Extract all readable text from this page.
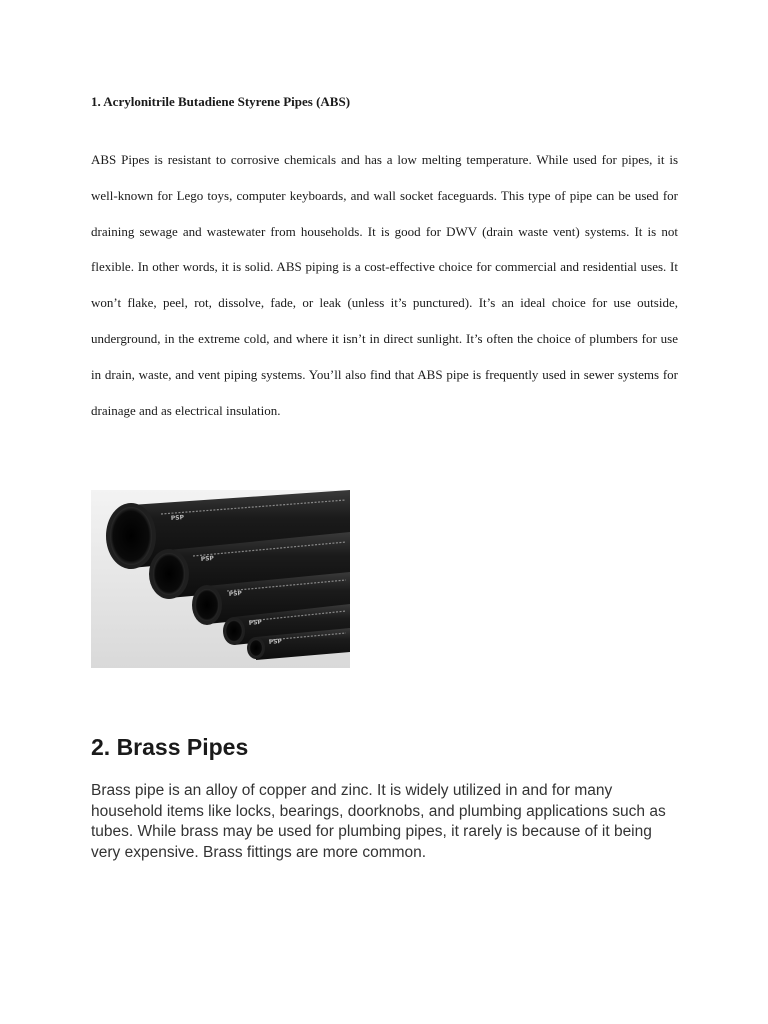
1. Acrylonitrile Butadiene Styrene Pipes (ABS)

ABS Pipes is resistant to corrosive chemicals and has a low melting temperature. While used for pipes, it is well-known for Lego toys, computer keyboards, and wall socket faceguards. This type of pipe can be used for draining sewage and wastewater from households. It is good for DWV (drain waste vent) systems. It is not flexible. In other words, it is solid. ABS piping is a cost-effective choice for commercial and residential uses. It won’t flake, peel, rot, dissolve, fade, or leak (unless it’s punctured). It’s an ideal choice for use outside, underground, in the extreme cold, and where it isn’t in direct sunlight. It’s often the choice of plumbers for use in drain, waste, and vent piping systems. You’ll also find that ABS pipe is frequently used in sewer systems for drainage and as electrical insulation.

PSP
PSP
PSP
PSP
PSP
2. Brass Pipes

Brass pipe is an alloy of copper and zinc. It is widely utilized in and for many household items like locks, bearings, doorknobs, and plumbing applications such as tubes. While brass may be used for plumbing pipes, it rarely is because of it being very expensive. Brass fittings are more common.
